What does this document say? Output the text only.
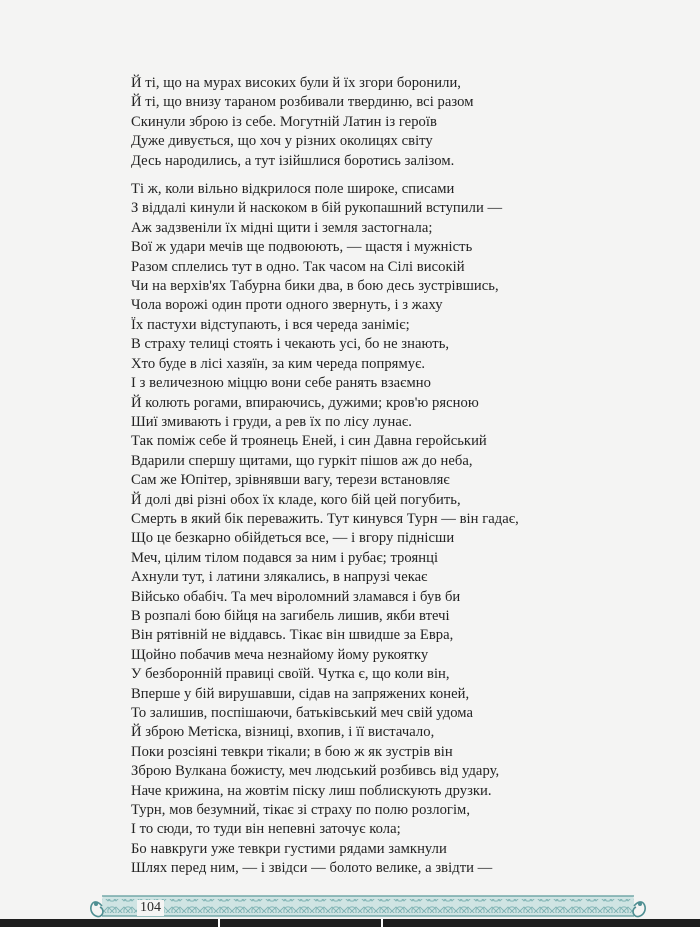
Й ті, що на мурах високих були й їх згори боронили,
Й ті, що внизу тараном розбивали твердиню, всі разом
Скинули зброю із себе. Могутній Латин із героїв
Дуже дивується, що хоч у різних околицях світу
Десь народились, а тут ізійшлися боротись залізом.
Ті ж, коли вільно відкрилося поле широке, списами
З віддалі кинули й наскоком в бій рукопашний вступили —
Аж задзвеніли їх мідні щити і земля застогнала;
Вої ж удари мечів ще подвоюють, — щастя і мужність
Разом сплелись тут в одно. Так часом на Сілі високій
Чи на верхів'ях Табурна бики два, в бою десь зустрівшись,
Чола ворожі один проти одного звернуть, і з жаху
Їх пастухи відступають, і вся череда заніміє;
В страху телиці стоять і чекають усі, бо не знають,
Хто буде в лісі хазяїн, за ким череда попрямує.
І з величезною міццю вони себе ранять взаємно
Й колють рогами, впираючись, дужими; кров'ю рясною
Шиї змивають і груди, а рев їх по лісу лунає.
Так поміж себе й троянець Еней, і син Давна геройський
Вдарили спершу щитами, що гуркіт пішов аж до неба,
Сам же Юпітер, зрівнявши вагу, терези встановляє
Й долі дві різні обох їх кладе, кого бій цей погубить,
Смерть в який бік переважить. Тут кинувся Турн — він гадає,
Що це безкарно обійдеться все, — і вгору піднісши
Меч, цілим тілом подався за ним і рубає; троянці
Ахнули тут, і латини злякались, в напрузі чекає
Військо обабіч. Та меч віроломний зламався і був би
В розпалі бою бійця на загибель лишив, якби втечі
Він рятівній не віддавсь. Тікає він швидше за Евра,
Щойно побачив меча незнайому йому рукоятку
У безборонній правиці своїй. Чутка є, що коли він,
Вперше у бій вирушавши, сідав на запряжених коней,
То залишив, поспішаючи, батьківський меч свій удома
Й зброю Метіска, візниці, вхопив, і її вистачало,
Поки розсіяні тевкри тікали; в бою ж як зустрів він
Зброю Вулкана божисту, меч людський розбивсь від удару,
Наче крижина, на жовтім піску лиш поблискують друзки.
Турн, мов безумний, тікає зі страху по полю розлогім,
І то сюди, то туди він непевні заточує кола;
Бо навкруги уже тевкри густими рядами замкнули
Шлях перед ним, — і звідси — болото велике, а звідти —
104
